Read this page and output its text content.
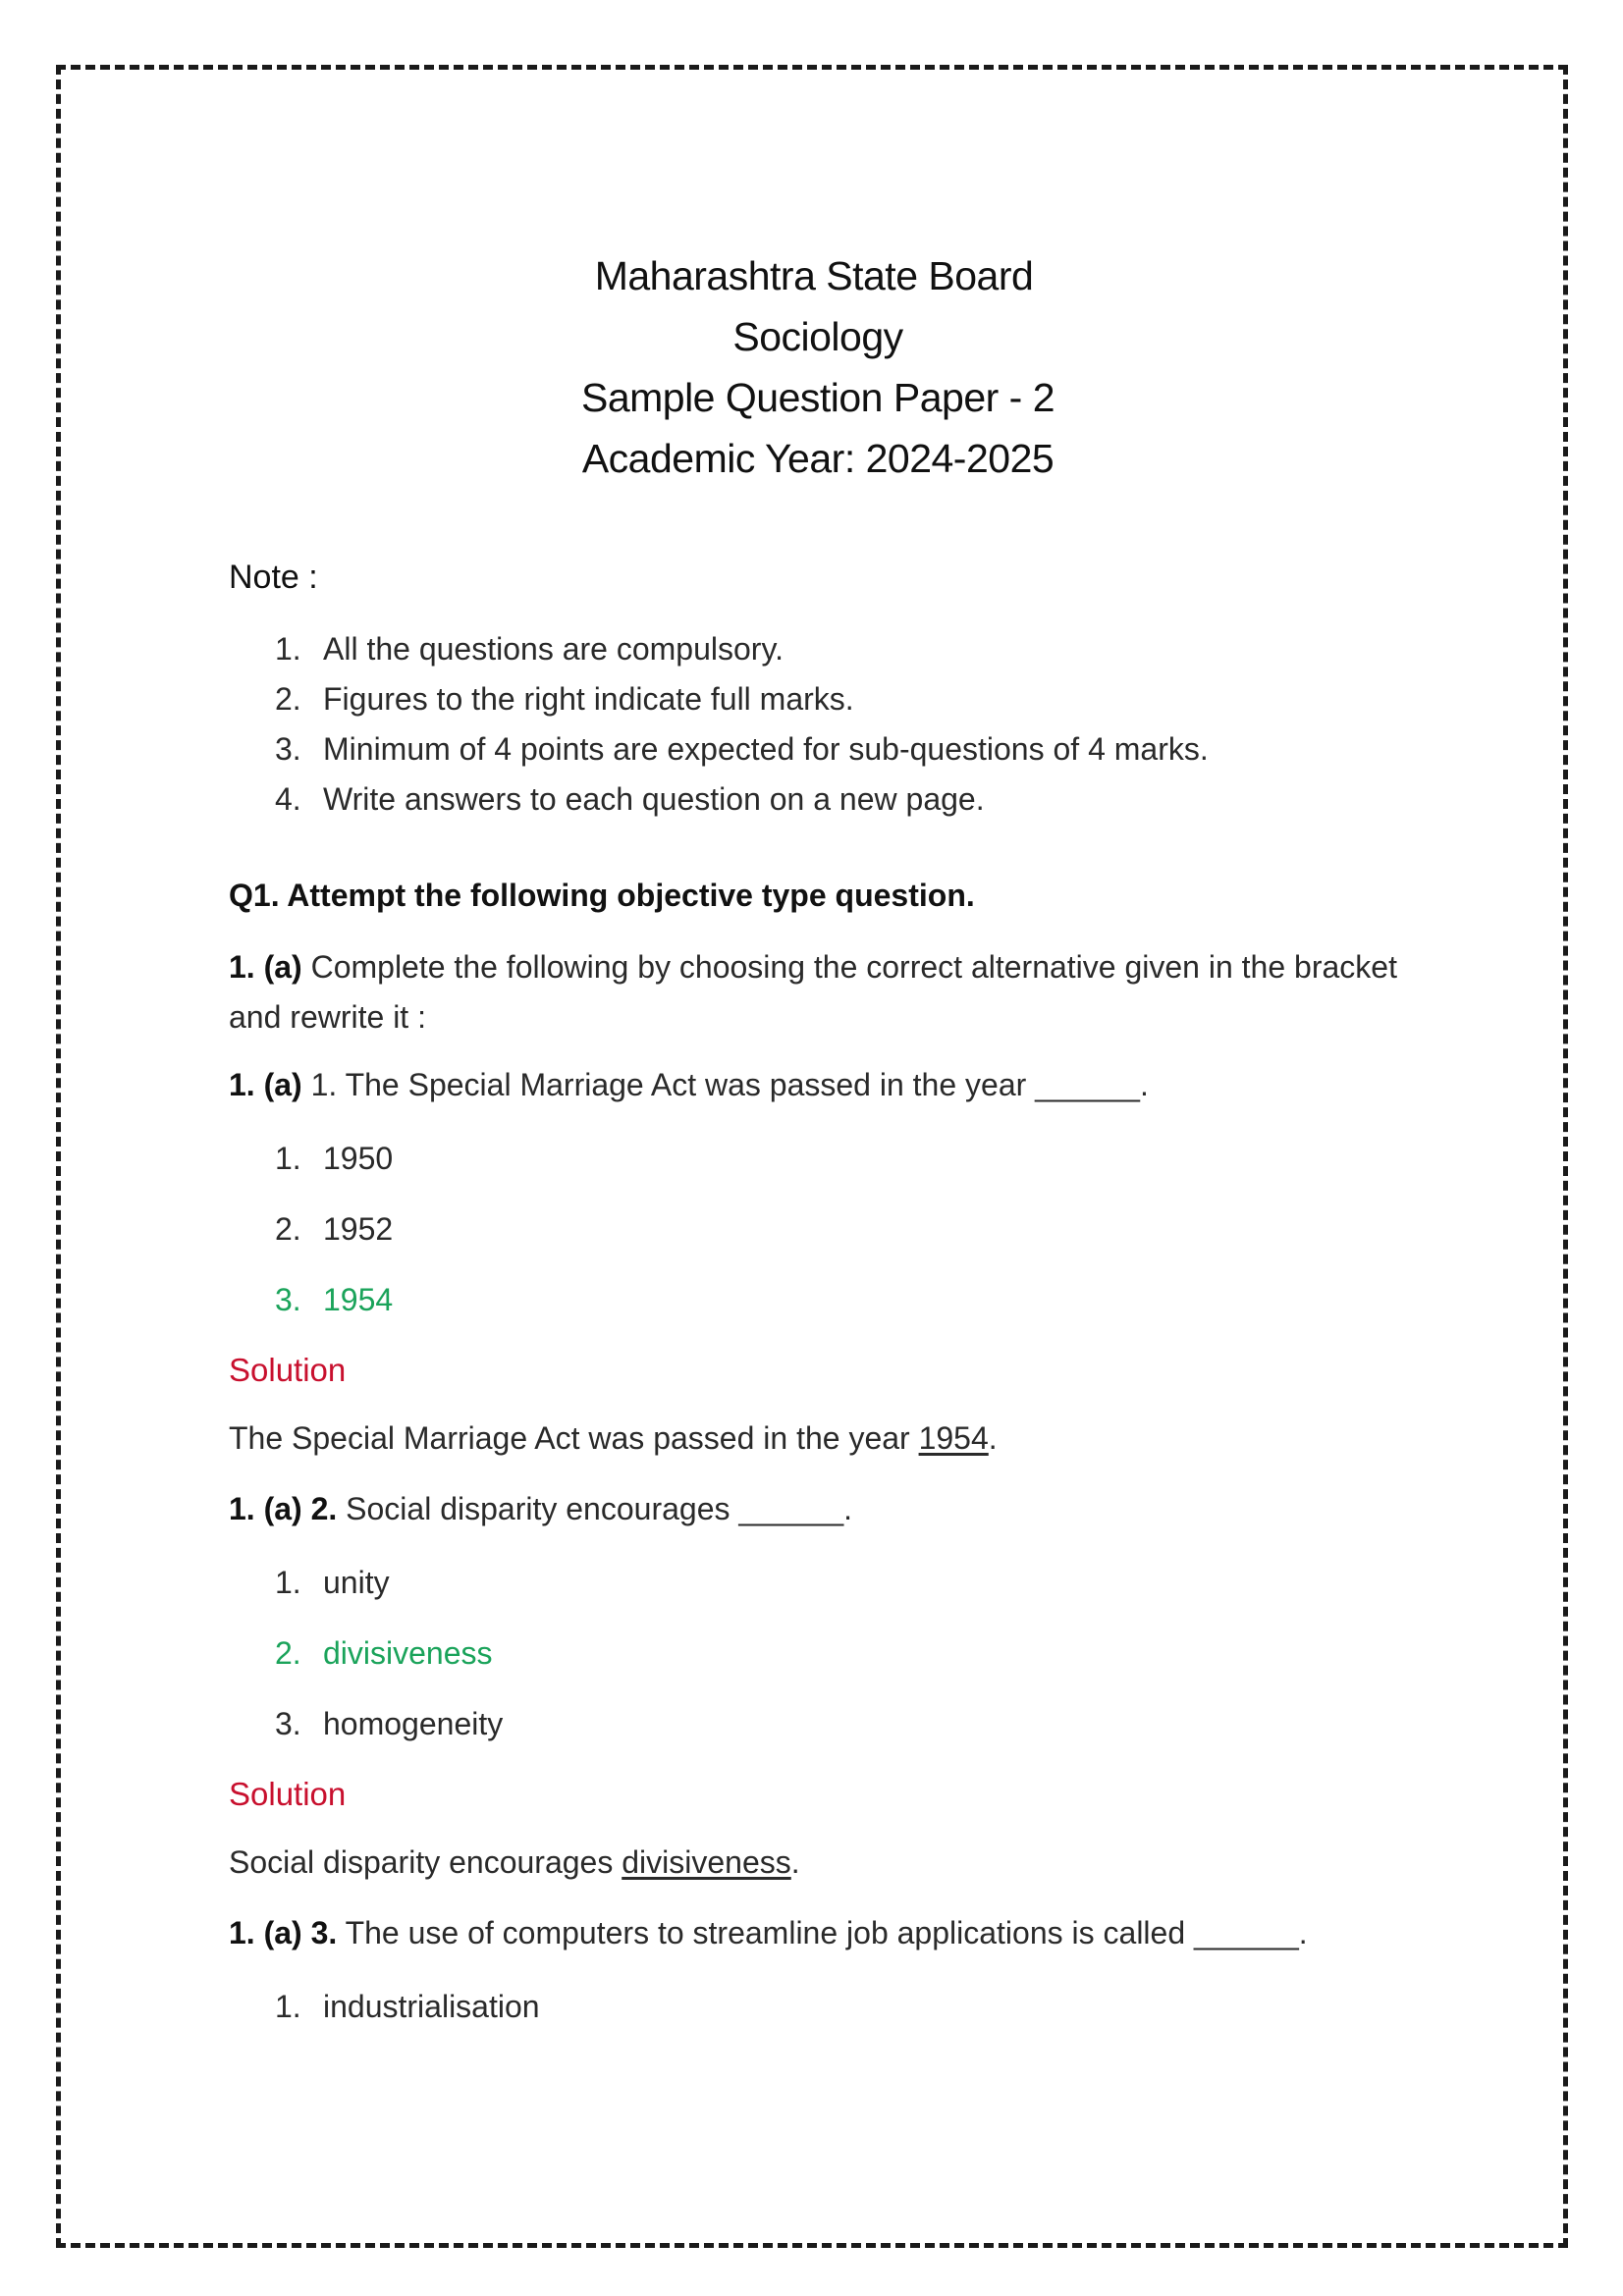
Maharashtra State Board
Sociology
Sample Question Paper - 2
Academic Year: 2024-2025
Note :
1. All the questions are compulsory.
2. Figures to the right indicate full marks.
3. Minimum of 4 points are expected for sub-questions of 4 marks.
4. Write answers to each question on a new page.
Q1. Attempt the following objective type question.
1. (a) Complete the following by choosing the correct alternative given in the bracket and rewrite it :
1. (a) 1. The Special Marriage Act was passed in the year ______.
1. 1950
2. 1952
3. 1954
Solution
The Special Marriage Act was passed in the year 1954.
1. (a) 2. Social disparity encourages ______.
1. unity
2. divisiveness
3. homogeneity
Solution
Social disparity encourages divisiveness.
1. (a) 3. The use of computers to streamline job applications is called ______.
1. industrialisation
